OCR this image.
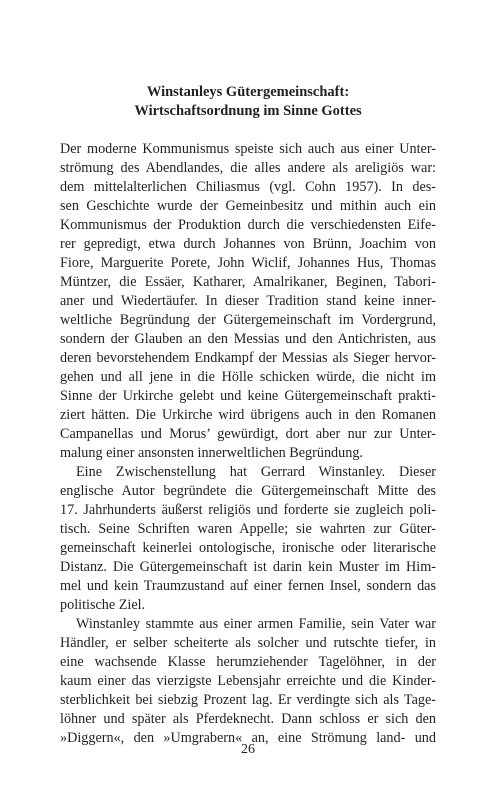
Winstanleys Gütergemeinschaft:
Wirtschaftsordnung im Sinne Gottes
Der moderne Kommunismus speiste sich auch aus einer Unter-
strömung des Abendlandes, die alles andere als areligiös war:
dem mittelalterlichen Chiliasmus (vgl. Cohn 1957). In des-
sen Geschichte wurde der Gemeinbesitz und mithin auch ein
Kommunismus der Produktion durch die verschiedensten Eife-
rer gepredigt, etwa durch Johannes von Brünn, Joachim von
Fiore, Marguerite Porete, John Wiclif, Johannes Hus, Thomas
Müntzer, die Essäer, Katharer, Amalrikaner, Beginen, Tabori-
aner und Wiedertäufer. In dieser Tradition stand keine inner-
weltliche Begründung der Gütergemeinschaft im Vordergrund,
sondern der Glauben an den Messias und den Antichristen, aus
deren bevorstehendem Endkampf der Messias als Sieger hervor-
gehen und all jene in die Hölle schicken würde, die nicht im
Sinne der Urkirche gelebt und keine Gütergemeinschaft prakti-
ziert hätten. Die Urkirche wird übrigens auch in den Romanen
Campanellas und Morus’ gewürdigt, dort aber nur zur Unter-
malung einer ansonsten innerweltlichen Begründung.
Eine Zwischenstellung hat Gerrard Winstanley. Dieser
englische Autor begründete die Gütergemeinschaft Mitte des
17. Jahrhunderts äußerst religiös und forderte sie zugleich poli-
tisch. Seine Schriften waren Appelle; sie wahrten zur Güter-
gemeinschaft keinerlei ontologische, ironische oder literarische
Distanz. Die Gütergemeinschaft ist darin kein Muster im Him-
mel und kein Traumzustand auf einer fernen Insel, sondern das
politische Ziel.
Winstanley stammte aus einer armen Familie, sein Vater war
Händler, er selber scheiterte als solcher und rutschte tiefer, in
eine wachsende Klasse herumziehender Tagelöhner, in der
kaum einer das vierzigste Lebensjahr erreichte und die Kinder-
sterblichkeit bei siebzig Prozent lag. Er verdingte sich als Tage-
löhner und später als Pferdeknecht. Dann schloss er sich den
»Diggern«, den »Umgrabern« an, eine Strömung land- und
26
